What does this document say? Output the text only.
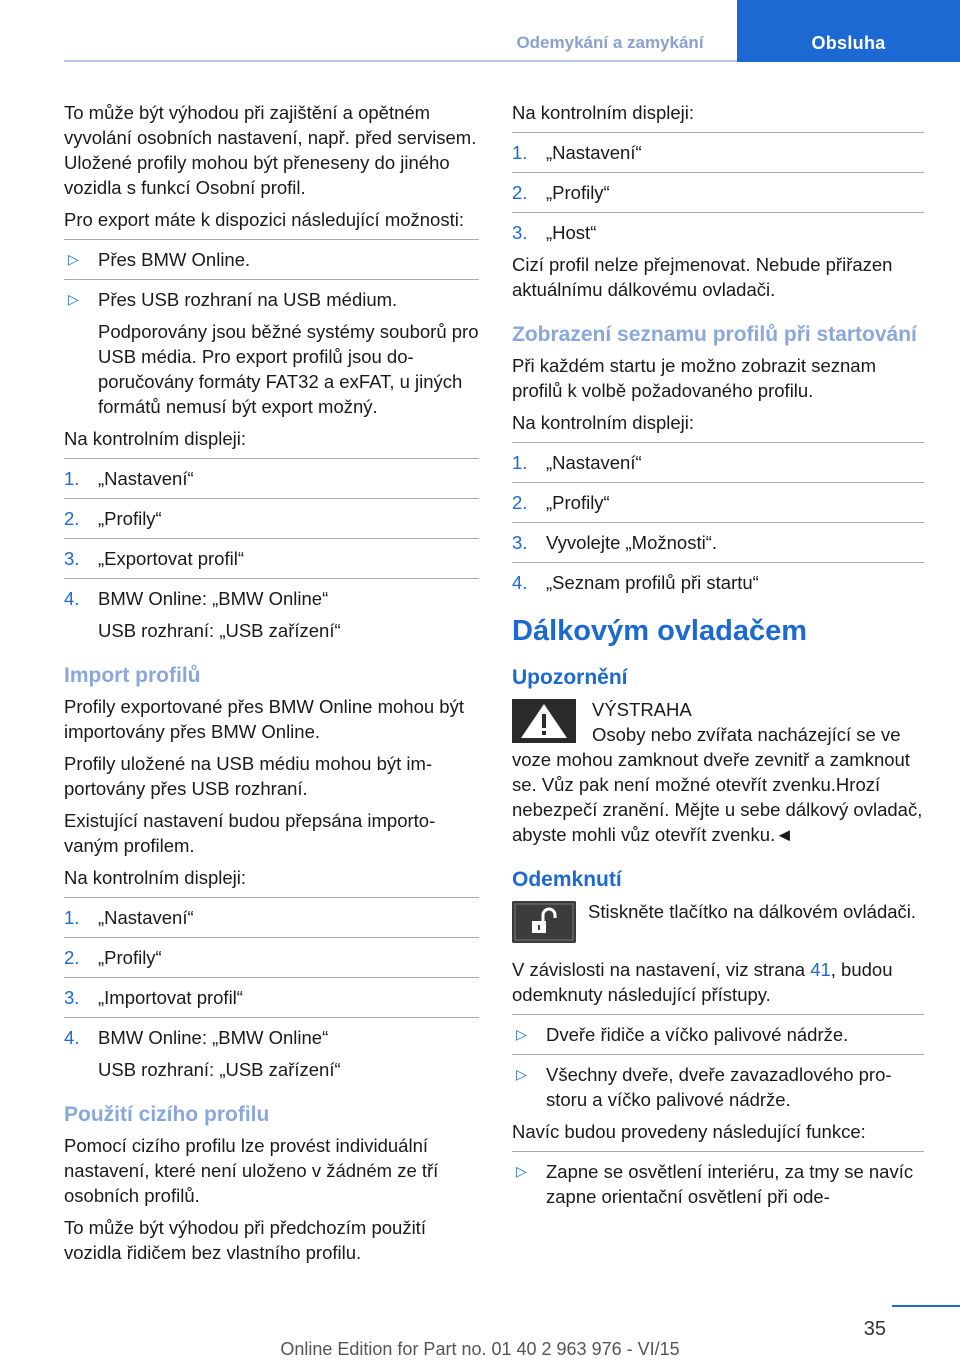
Odemykání a zamykání	Obsluha
To může být výhodou při zajištění a opětném vyvolání osobních nastavení, např. před servisem. Uložené profily mohou být přeneseny do jiného vozidla s funkcí Osobní profil.
Pro export máte k dispozici následující možnosti:
▷ Přes BMW Online.
▷ Přes USB rozhraní na USB médium.
Podporovány jsou běžné systémy souborů pro USB média. Pro export profilů jsou doporučovány formáty FAT32 a exFAT, u jiných formátů nemusí být export možný.
Na kontrolním displeji:
1. „Nastavení“
2. „Profily“
3. „Exportovat profil“
4. BMW Online: „BMW Online“
USB rozhraní: „USB zařízení“
Import profilů
Profily exportované přes BMW Online mohou být importovány přes BMW Online.
Profily uložené na USB médiu mohou být importovány přes USB rozhraní.
Existující nastavení budou přepsána importovaným profilem.
Na kontrolním displeji:
1. „Nastavení“
2. „Profily“
3. „Importovat profil“
4. BMW Online: „BMW Online“
USB rozhraní: „USB zařízení“
Použití cizího profilu
Pomocí cizího profilu lze provést individuální nastavení, které není uloženo v žádném ze tří osobních profilů.
To může být výhodou při předchozím použití vozidla řidičem bez vlastního profilu.
Na kontrolním displeji:
1. „Nastavení“
2. „Profily“
3. „Host“
Cizí profil nelze přejmenovat. Nebude přiřazen aktuálnímu dálkovému ovladači.
Zobrazení seznamu profilů při startování
Při každém startu je možno zobrazit seznam profilů k volbě požadovaného profilu.
Na kontrolním displeji:
1. „Nastavení“
2. „Profily“
3. Vyvolejte „Možnosti“.
4. „Seznam profilů při startu“
Dálkovým ovladačem
Upozornění
VÝSTRAHA
Osoby nebo zvířata nacházející se ve voze mohou zamknout dveře zevnitř a zamknout se. Vůz pak není možné otevřít zvenku.Hrozí nebezpečí zranění. Mějte u sebe dálkový ovladač, abyste mohli vůz otevřít zvenku.◄
Odemknutí
Stiskněte tlačítko na dálkovém ovládači.
V závislosti na nastavení, viz strana 41, budou odemknuty následující přístupy.
▷ Dveře řidiče a víčko palivové nádrže.
▷ Všechny dveře, dveře zavazadlového prostoru a víčko palivové nádrže.
Navíc budou provedeny následující funkce:
▷ Zapne se osvětlení interiéru, za tmy se navíc zapne orientační osvětlení při ode-
35
Online Edition for Part no. 01 40 2 963 976 - VI/15
